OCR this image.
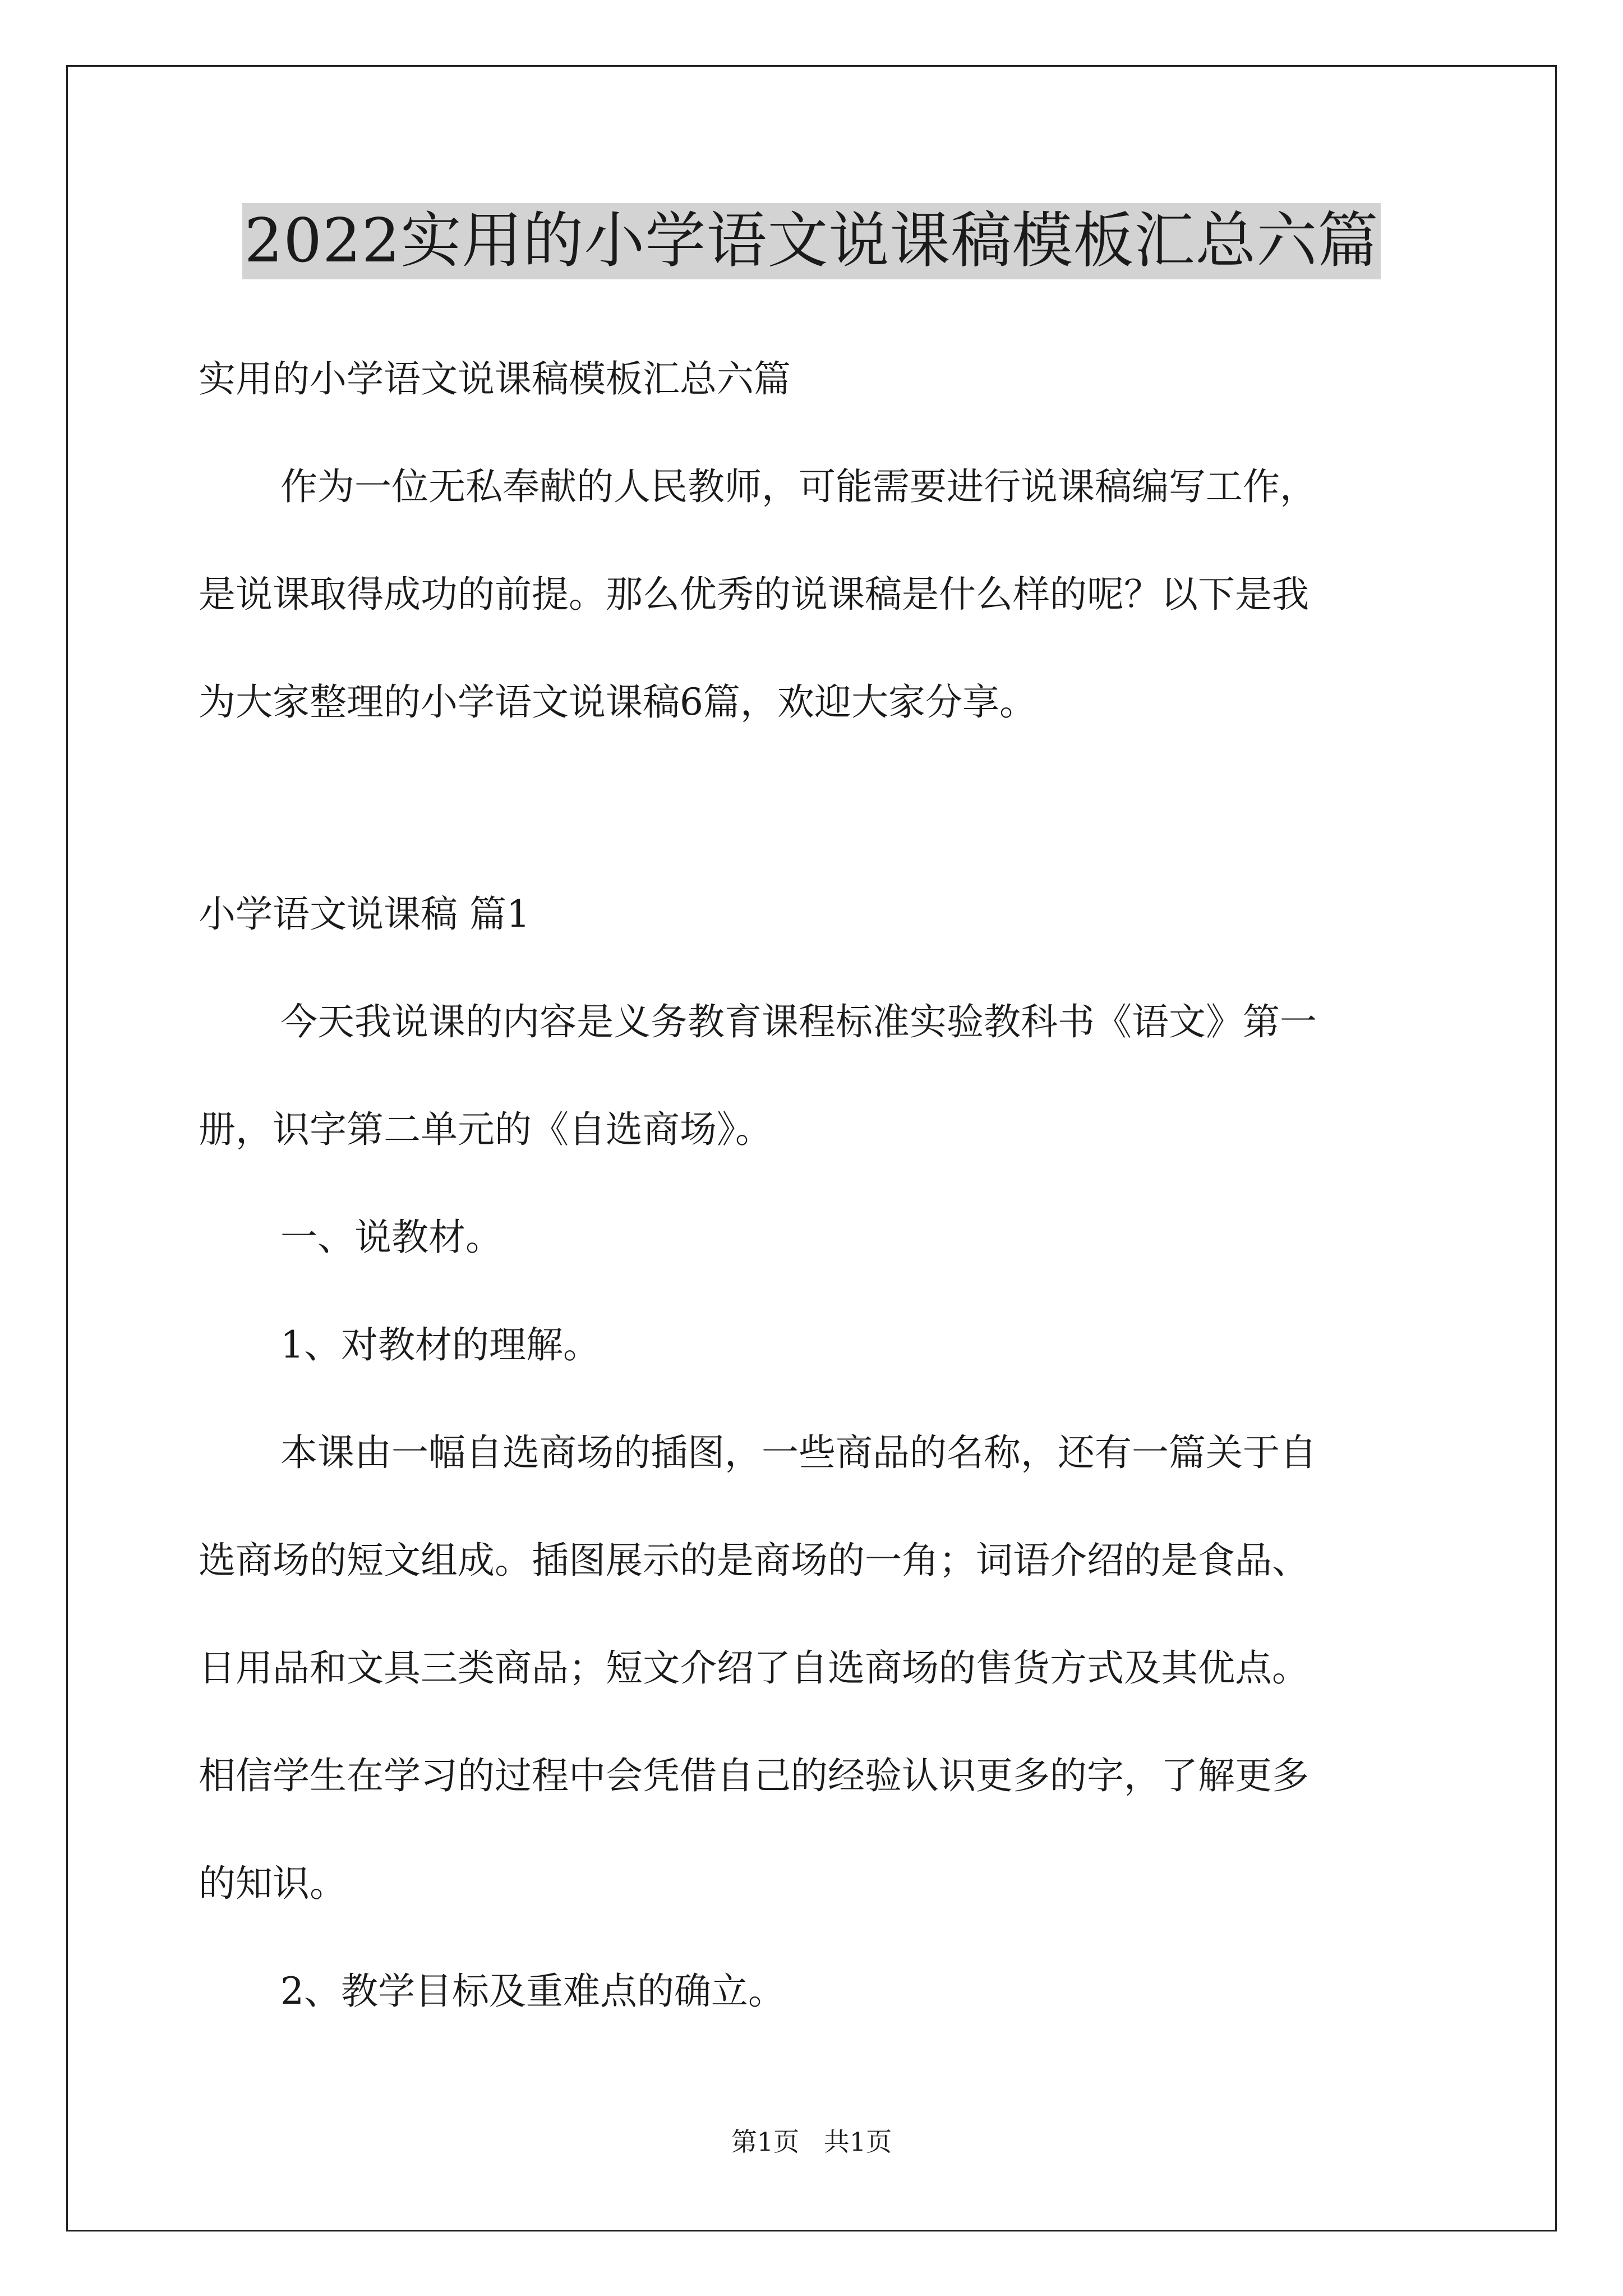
2022实用的小学语文说课稿模板汇总六篇
实用的小学语文说课稿模板汇总六篇
作为一位无私奉献的人民教师，可能需要进行说课稿编写工作，
是说课取得成功的前提。那么优秀的说课稿是什么样的呢？以下是我
为大家整理的小学语文说课稿6篇，欢迎大家分享。
小学语文说课稿 篇1
今天我说课的内容是义务教育课程标准实验教科书《语文》第一
册，识字第二单元的《自选商场》。
一、说教材。
1、对教材的理解。
本课由一幅自选商场的插图，一些商品的名称，还有一篇关于自
选商场的短文组成。插图展示的是商场的一角；词语介绍的是食品、
日用品和文具三类商品；短文介绍了自选商场的售货方式及其优点。
相信学生在学习的过程中会凭借自己的经验认识更多的字，了解更多
的知识。
2、教学目标及重难点的确立。
第1页   共1页
